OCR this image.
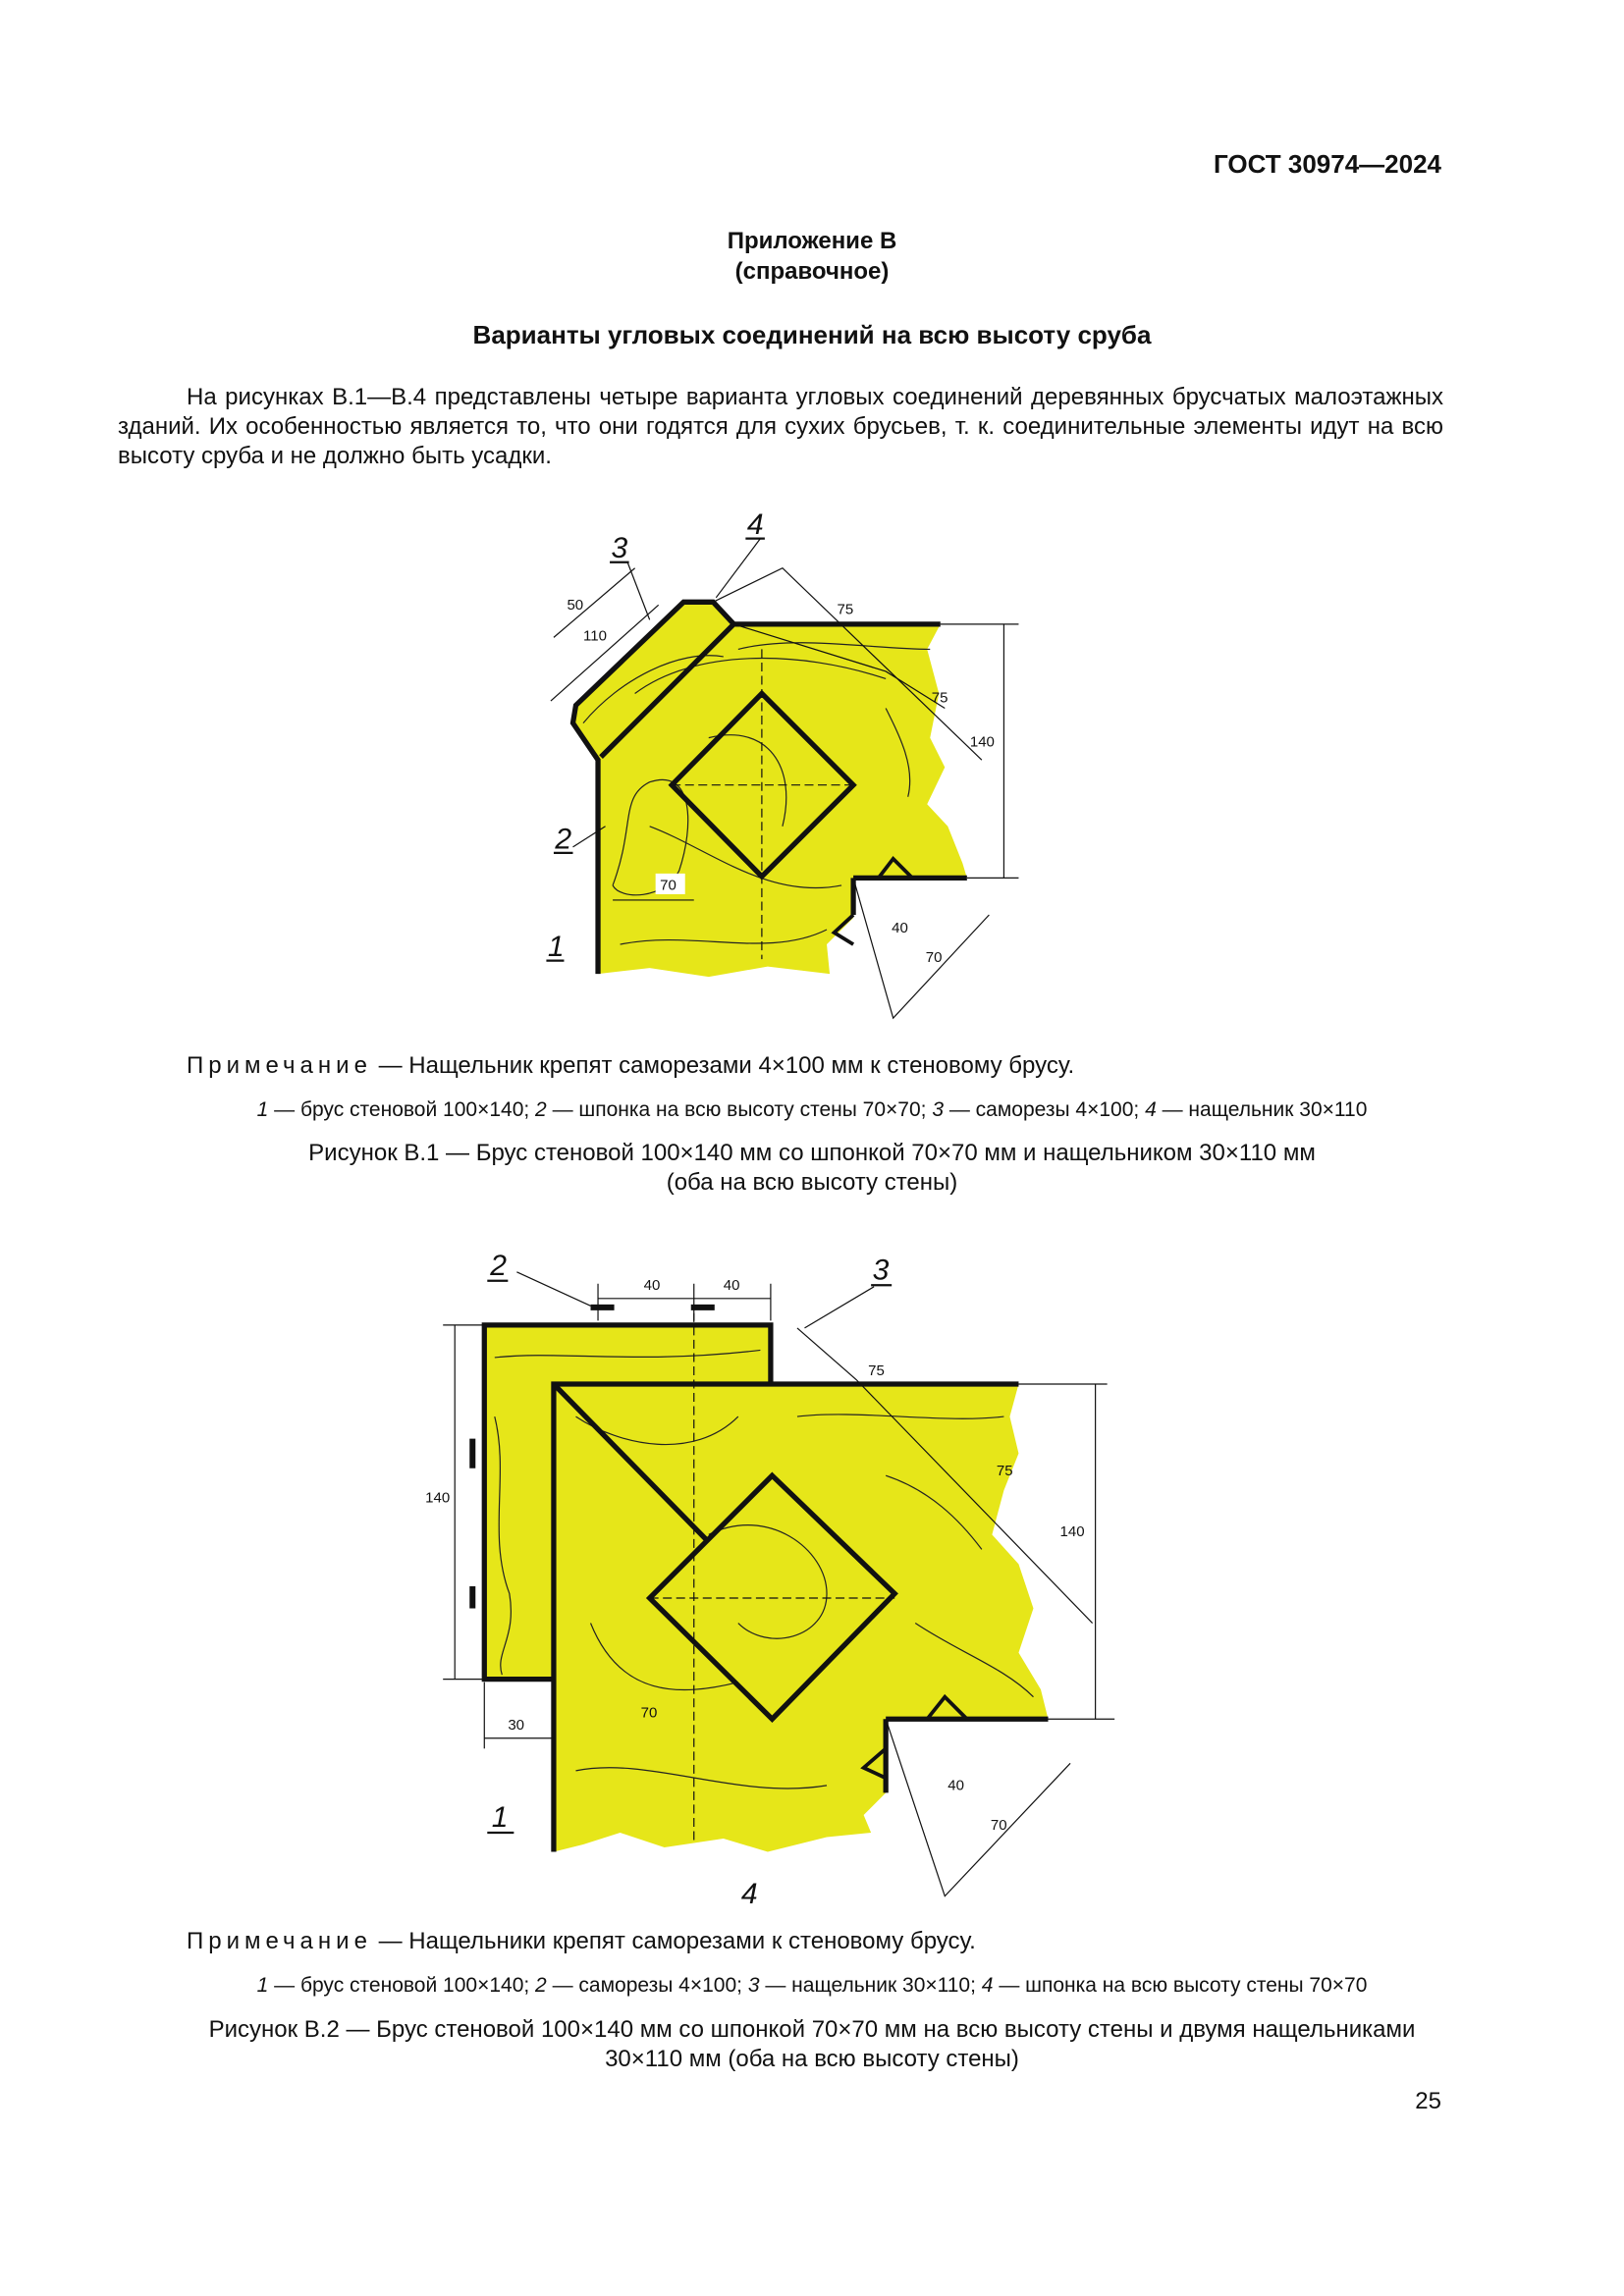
ГОСТ 30974—2024
Приложение В
(справочное)
Варианты угловых соединений на всю высоту сруба
На рисунках В.1—В.4 представлены четыре варианта угловых соединений деревянных брусчатых малоэтажных зданий. Их особенностью является то, что они годятся для сухих брусьев, т. к. соединительные элементы идут на всю высоту сруба и не должно быть усадки.
50
110
75
75
140
70
40
70
1
2
3
4
40	40
75
75
140
140
30
70
40
70
1
2	3
4
Примечание — Нащельник крепят саморезами 4×100 мм к стеновому брусу.
1 — брус стеновой 100×140; 2 — шпонка на всю высоту стены 70×70; 3 — саморезы 4×100; 4 — нащельник 30×110
Рисунок В.1 — Брус стеновой 100×140 мм со шпонкой 70×70 мм и нащельником 30×110 мм
(оба на всю высоту стены)
Примечание — Нащельники крепят саморезами к стеновому брусу.
1 — брус стеновой 100×140; 2 — саморезы 4×100; 3 — нащельник 30×110; 4 — шпонка на всю высоту стены 70×70
Рисунок В.2 — Брус стеновой 100×140 мм со шпонкой 70×70 мм на всю высоту стены и двумя нащельниками
30×110 мм (оба на всю высоту стены)
25
